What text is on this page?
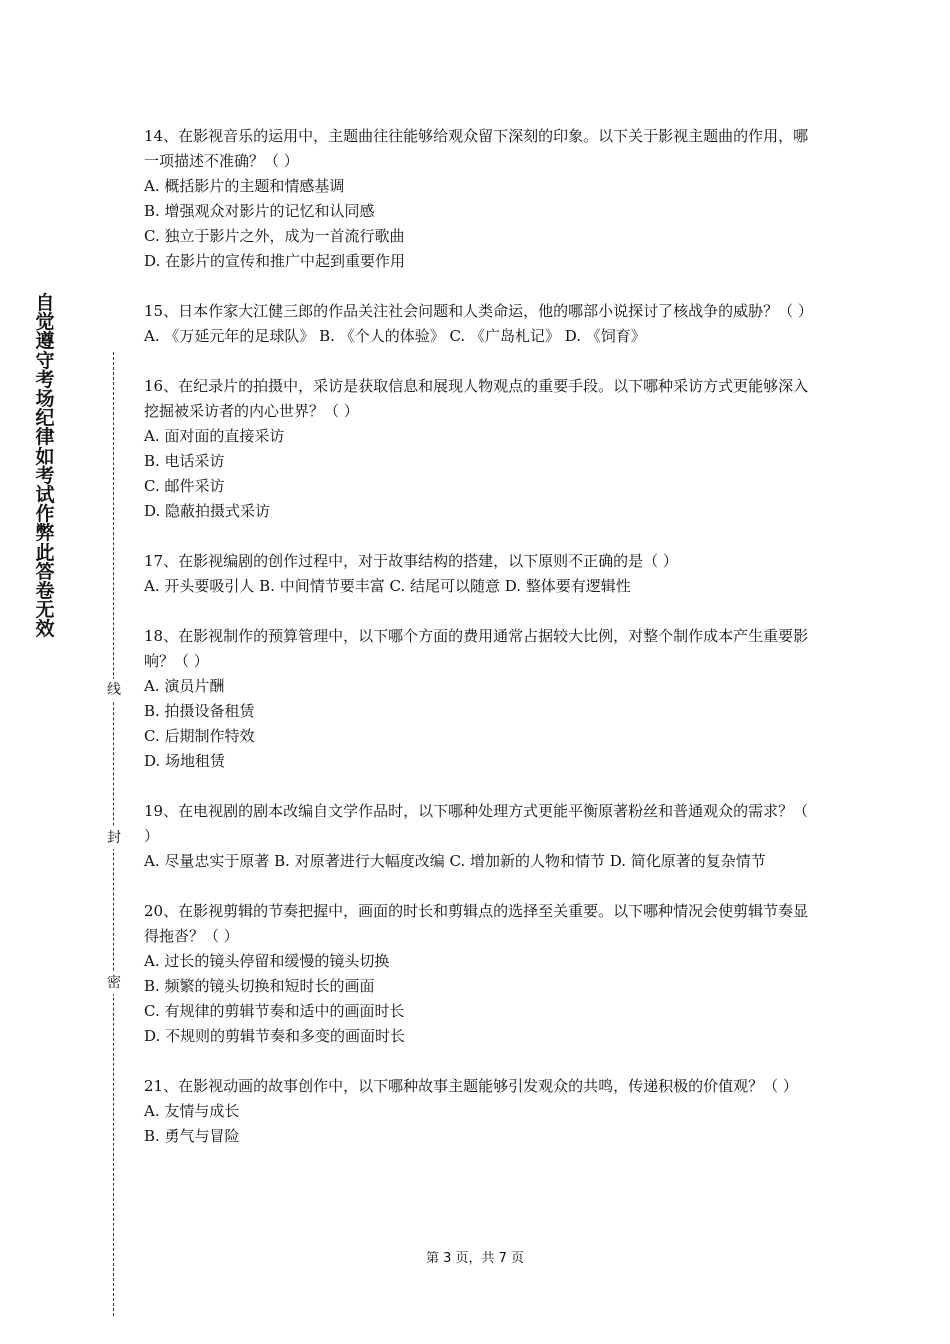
自觉遵守考场纪律如考试作弊此答卷无效
线
封
密

14、在影视音乐的运用中，主题曲往往能够给观众留下深刻的印象。以下关于影视主题曲的作用，哪一项描述不准确？（ ）

A. 概括影片的主题和情感基调

B. 增强观众对影片的记忆和认同感

C. 独立于影片之外，成为一首流行歌曲

D. 在影片的宣传和推广中起到重要作用

15、日本作家大江健三郎的作品关注社会问题和人类命运，他的哪部小说探讨了核战争的威胁？（ ）

A. 《万延元年的足球队》 B. 《个人的体验》 C. 《广岛札记》 D. 《饲育》

16、在纪录片的拍摄中，采访是获取信息和展现人物观点的重要手段。以下哪种采访方式更能够深入挖掘被采访者的内心世界？（ ）

A. 面对面的直接采访

B. 电话采访

C. 邮件采访

D. 隐蔽拍摄式采访

17、在影视编剧的创作过程中，对于故事结构的搭建，以下原则不正确的是（ ）

A. 开头要吸引人 B. 中间情节要丰富 C. 结尾可以随意 D. 整体要有逻辑性

18、在影视制作的预算管理中，以下哪个方面的费用通常占据较大比例，对整个制作成本产生重要影响？（ ）

A. 演员片酬

B. 拍摄设备租赁

C. 后期制作特效

D. 场地租赁

19、在电视剧的剧本改编自文学作品时，以下哪种处理方式更能平衡原著粉丝和普通观众的需求？（ ）

A. 尽量忠实于原著 B. 对原著进行大幅度改编 C. 增加新的人物和情节 D. 简化原著的复杂情节

20、在影视剪辑的节奏把握中，画面的时长和剪辑点的选择至关重要。以下哪种情况会使剪辑节奏显得拖沓？（ ）

A. 过长的镜头停留和缓慢的镜头切换

B. 频繁的镜头切换和短时长的画面

C. 有规律的剪辑节奏和适中的画面时长

D. 不规则的剪辑节奏和多变的画面时长

21、在影视动画的故事创作中，以下哪种故事主题能够引发观众的共鸣，传递积极的价值观？（ ）

A. 友情与成长

B. 勇气与冒险

第 3 页，共 7 页
